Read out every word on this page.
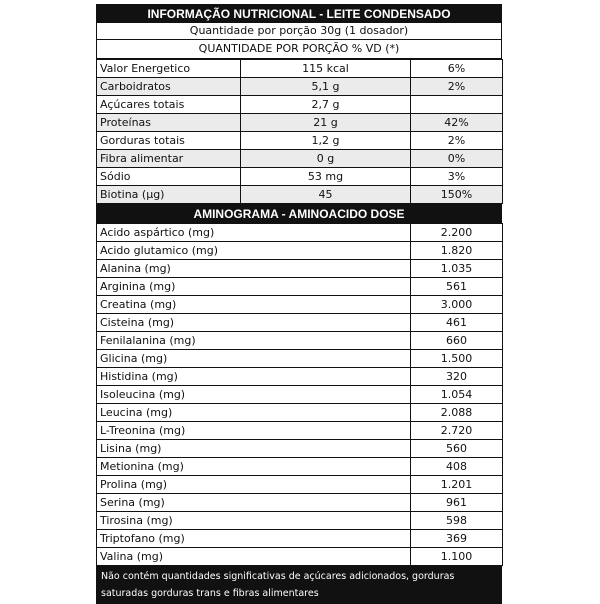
INFORMAÇÃO NUTRICIONAL - LEITE CONDENSADO
Quantidade por porção 30g (1 dosador)
QUANTIDADE POR PORÇÃO % VD (*)
Valor Energetico	115 kcal	6%
Carboidratos	5,1 g	2%
Açúcares totais	2,7 g	
Proteínas	21 g	42%
Gorduras totais	1,2 g	2%
Fibra alimentar	0 g	0%
Sódio	53 mg	3%
Biotina (µg)	45	150%
AMINOGRAMA - AMINOACIDO DOSE
Acido aspártico (mg)	2.200
Acido glutamico (mg)	1.820
Alanina (mg)	1.035
Arginina (mg)	561
Creatina (mg)	3.000
Cisteina (mg)	461
Fenilalanina (mg)	660
Glicina (mg)	1.500
Histidina (mg)	320
Isoleucina (mg)	1.054
Leucina (mg)	2.088
L-Treonina (mg)	2.720
Lisina (mg)	560
Metionina (mg)	408
Prolina (mg)	1.201
Serina (mg)	961
Tirosina (mg)	598
Triptofano (mg)	369
Valina (mg)	1.100
Não contém quantidades significativas de açúcares adicionados, gorduras saturadas gorduras trans e fibras alimentares
